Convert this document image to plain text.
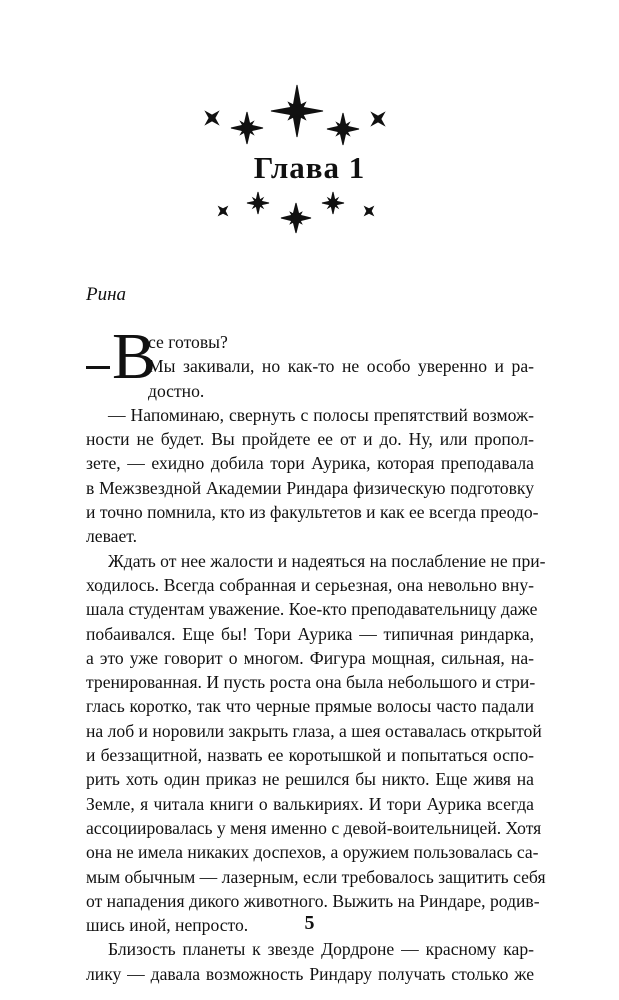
Глава 1
Рина
В
се готовы?
Мы закивали, но как-то не особо уверенно и ра-
достно.
— Напоминаю, свернуть с полосы препятствий возмож-
ности не будет. Вы пройдете ее от и до. Ну, или пропол-
зете, — ехидно добила тори Аурика, которая преподавала
в Межзвездной Академии Риндара физическую подготовку
и точно помнила, кто из факультетов и как ее всегда преодо-
левает.
Ждать от нее жалости и надеяться на послабление не при-
ходилось. Всегда собранная и серьезная, она невольно вну-
шала студентам уважение. Кое-кто преподавательницу даже
побаивался. Еще бы! Тори Аурика — типичная риндарка,
а это уже говорит о многом. Фигура мощная, сильная, на-
тренированная. И пусть роста она была небольшого и стри-
глась коротко, так что черные прямые волосы часто падали
на лоб и норовили закрыть глаза, а шея оставалась открытой
и беззащитной, назвать ее коротышкой и попытаться оспо-
рить хоть один приказ не решился бы никто. Еще живя на
Земле, я читала книги о валькириях. И тори Аурика всегда
ассоциировалась у меня именно с девой-воительницей. Хотя
она не имела никаких доспехов, а оружием пользовалась са-
мым обычным — лазерным, если требовалось защитить себя
от нападения дикого животного. Выжить на Риндаре, родив-
шись иной, непросто.
Близость планеты к звезде Дордроне — красному кар-
лику — давала возможность Риндару получать столько же
5
